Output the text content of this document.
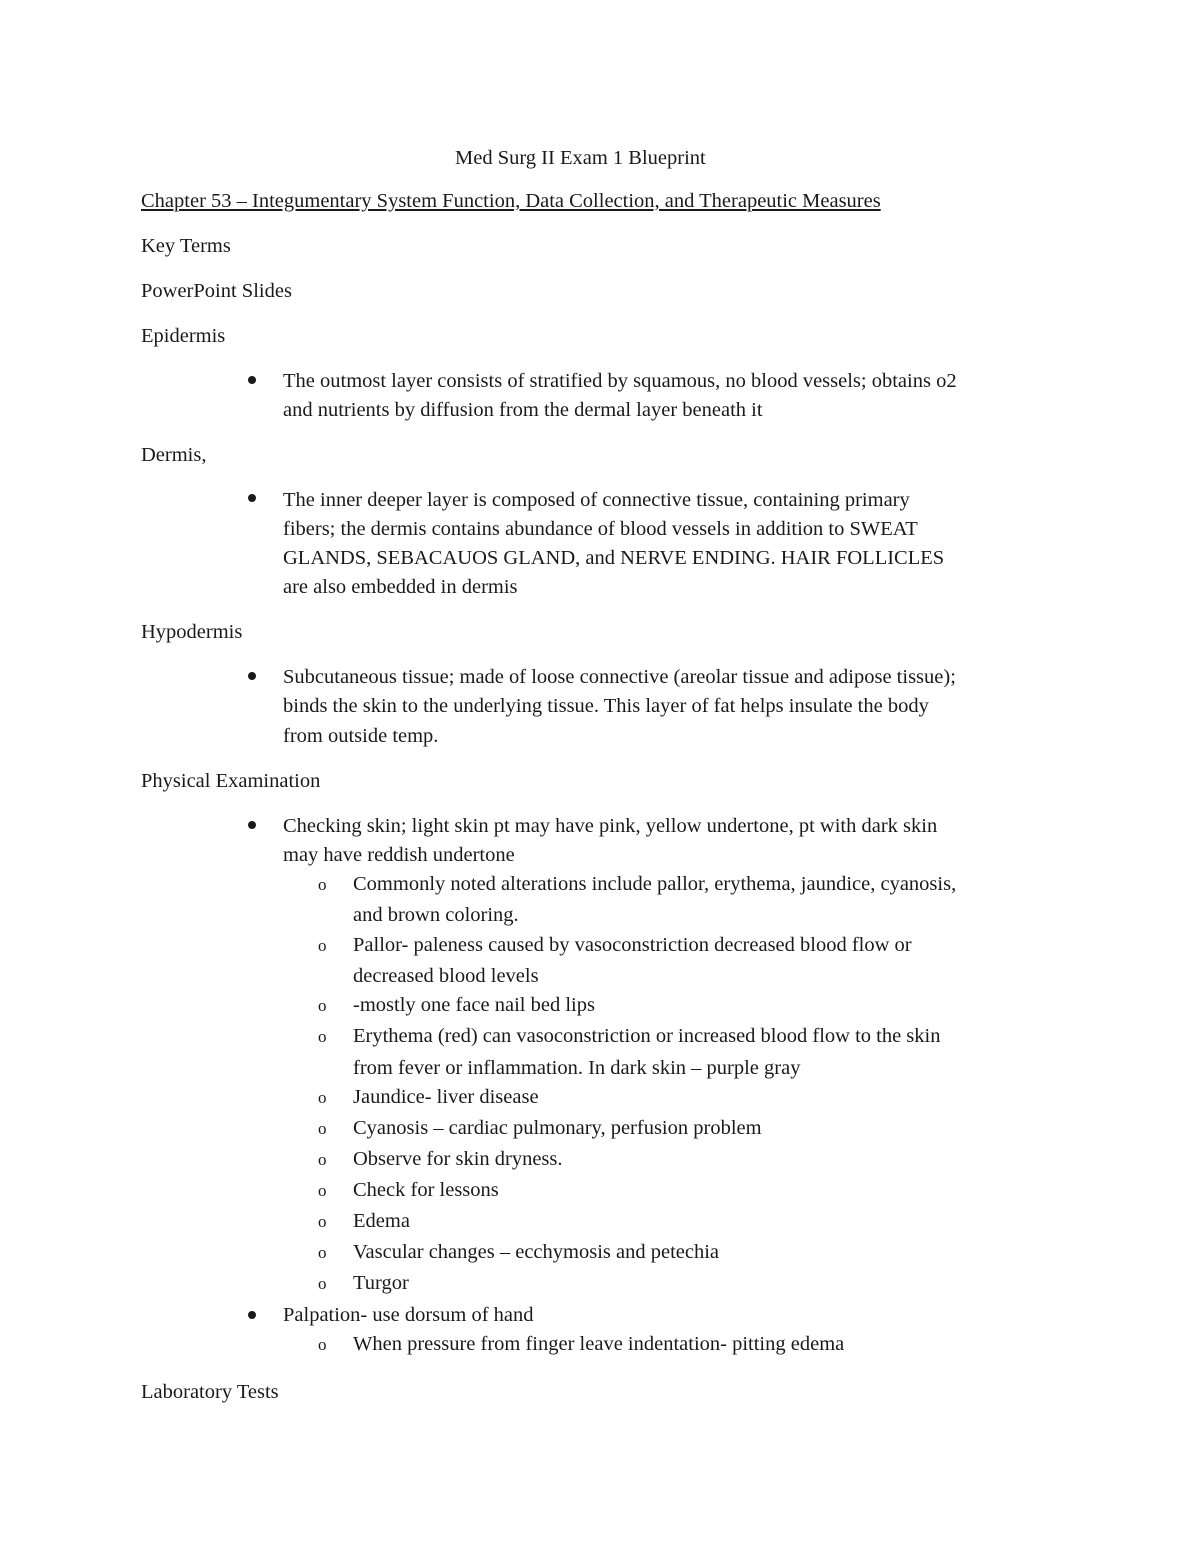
Med Surg II Exam 1 Blueprint

Chapter 53 – Integumentary System Function, Data Collection, and Therapeutic Measures

Key Terms

PowerPoint Slides

Epidermis

The outmost layer consists of stratified by squamous, no blood vessels; obtains o2

and nutrients by diffusion from the dermal layer beneath it

Dermis,

The inner deeper layer is composed of connective tissue, containing primary

fibers; the dermis contains abundance of blood vessels in addition to SWEAT

GLANDS, SEBACAUOS GLAND, and NERVE ENDING. HAIR FOLLICLES

are also embedded in dermis

Hypodermis

Subcutaneous tissue; made of loose connective (areolar tissue and adipose tissue);

binds the skin to the underlying tissue. This layer of fat helps insulate the body

from outside temp.

Physical Examination

Checking skin; light skin pt may have pink, yellow undertone, pt with dark skin

may have reddish undertone

o Commonly noted alterations include pallor, erythema, jaundice, cyanosis,

and brown coloring.

o Pallor- paleness caused by vasoconstriction decreased blood flow or

decreased blood levels

o -mostly one face nail bed lips

o Erythema (red) can vasoconstriction or increased blood flow to the skin

from fever or inflammation. In dark skin – purple gray

o Jaundice- liver disease

o Cyanosis – cardiac pulmonary, perfusion problem

o Observe for skin dryness.

o Check for lessons

o Edema

o Vascular changes – ecchymosis and petechia

o Turgor

Palpation- use dorsum of hand

o When pressure from finger leave indentation- pitting edema

Laboratory Tests
